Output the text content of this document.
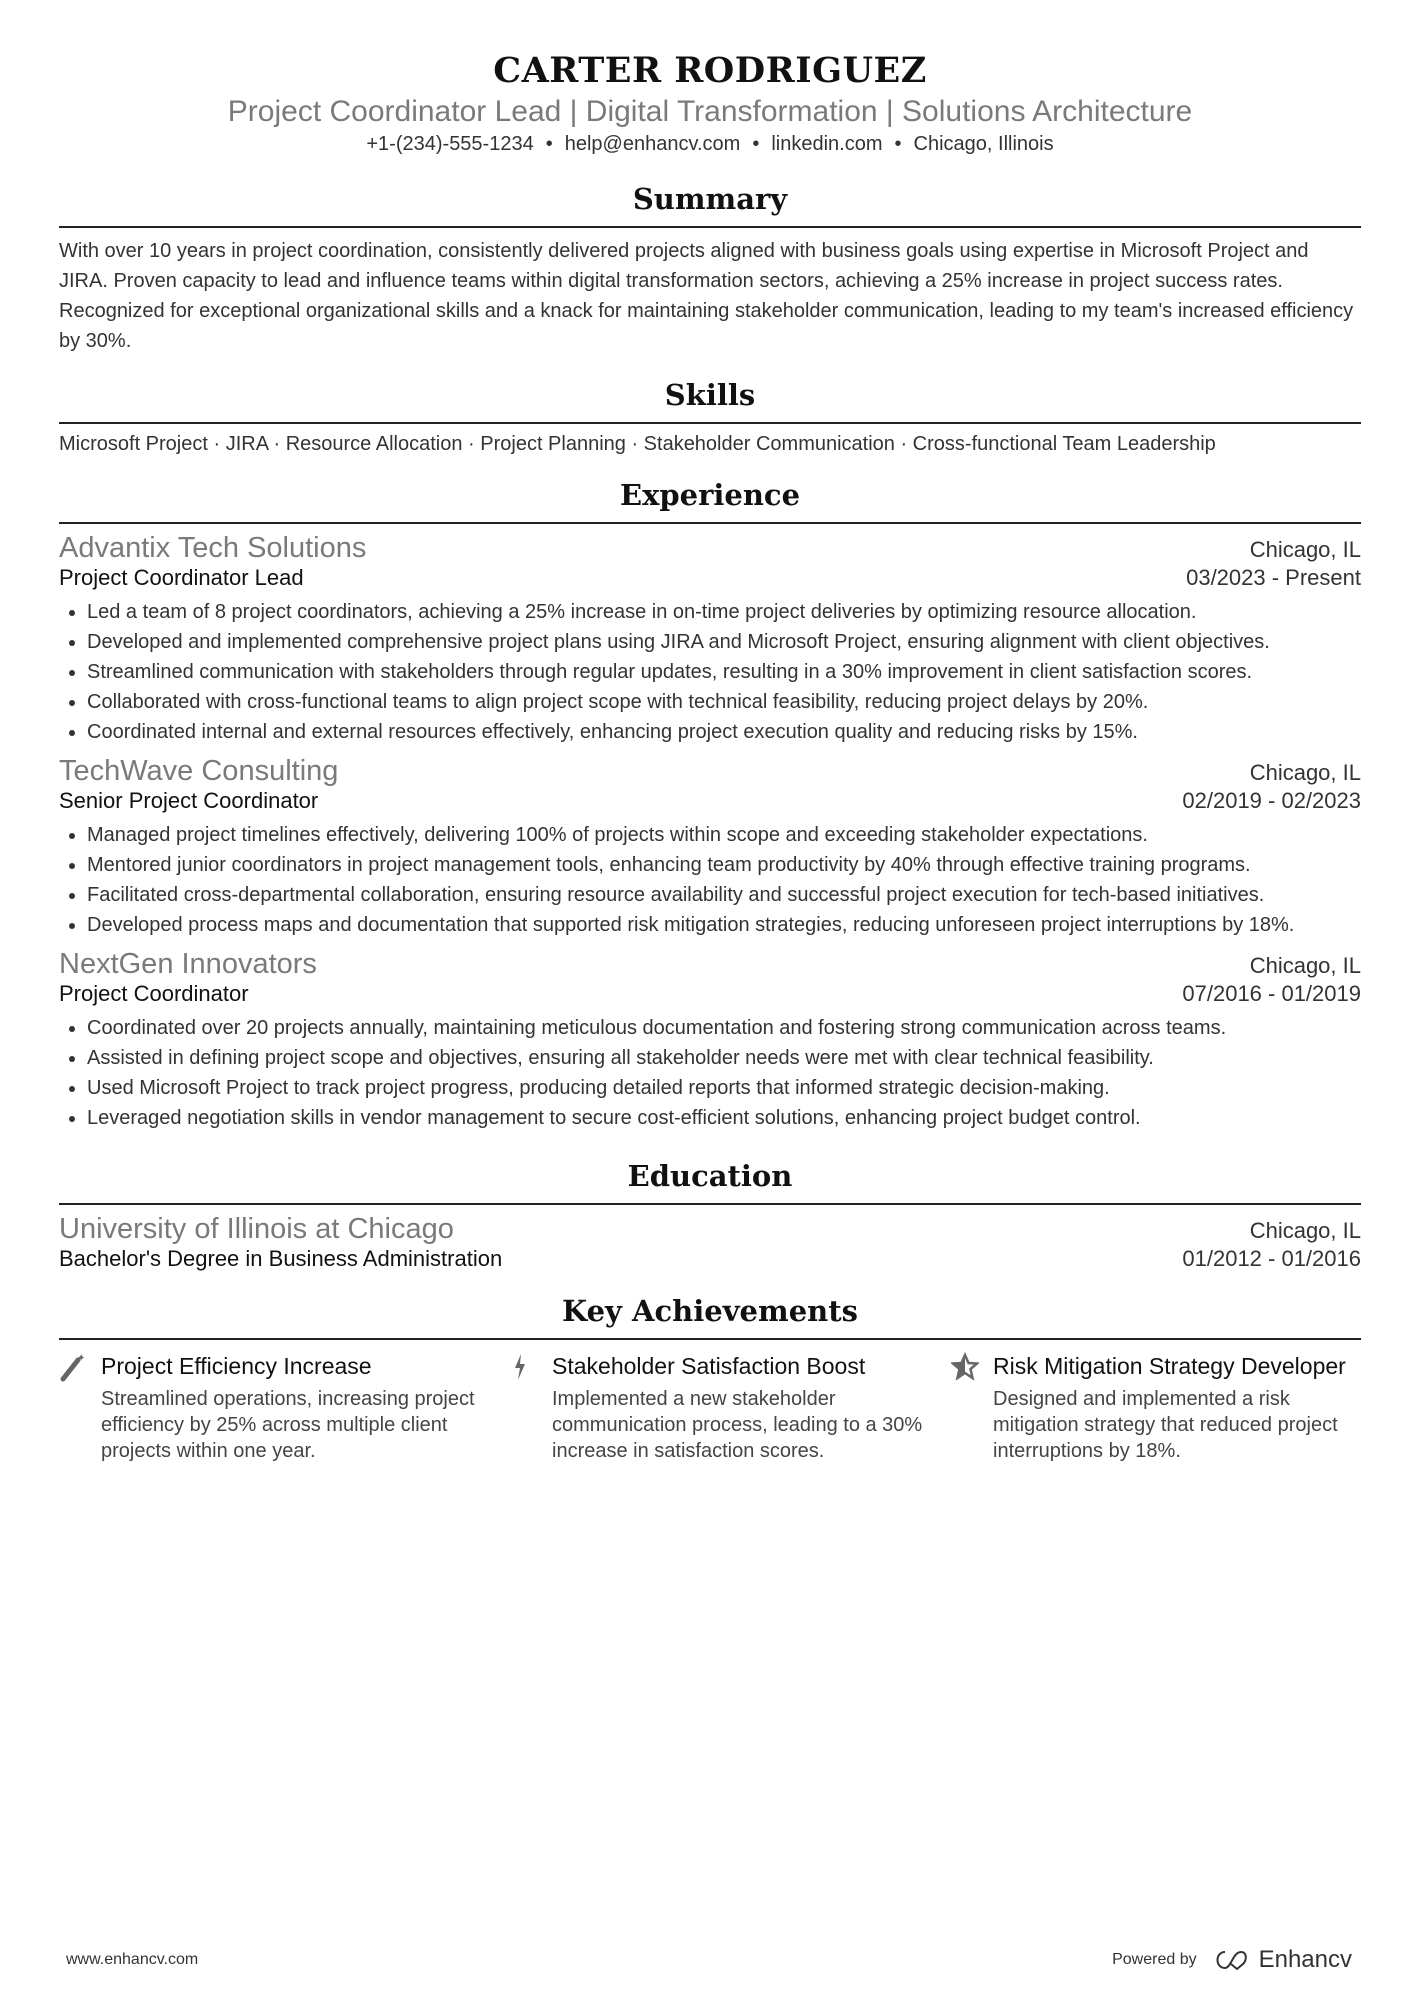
CARTER RODRIGUEZ
Project Coordinator Lead | Digital Transformation | Solutions Architecture
+1-(234)-555-1234 • help@enhancv.com • linkedin.com • Chicago, Illinois
Summary
With over 10 years in project coordination, consistently delivered projects aligned with business goals using expertise in Microsoft Project and JIRA. Proven capacity to lead and influence teams within digital transformation sectors, achieving a 25% increase in project success rates. Recognized for exceptional organizational skills and a knack for maintaining stakeholder communication, leading to my team's increased efficiency by 30%.
Skills
Microsoft Project · JIRA · Resource Allocation · Project Planning · Stakeholder Communication · Cross-functional Team Leadership
Experience
Advantix Tech Solutions	Chicago, IL
Project Coordinator Lead	03/2023 - Present
• Led a team of 8 project coordinators, achieving a 25% increase in on-time project deliveries by optimizing resource allocation.
• Developed and implemented comprehensive project plans using JIRA and Microsoft Project, ensuring alignment with client objectives.
• Streamlined communication with stakeholders through regular updates, resulting in a 30% improvement in client satisfaction scores.
• Collaborated with cross-functional teams to align project scope with technical feasibility, reducing project delays by 20%.
• Coordinated internal and external resources effectively, enhancing project execution quality and reducing risks by 15%.
TechWave Consulting	Chicago, IL
Senior Project Coordinator	02/2019 - 02/2023
• Managed project timelines effectively, delivering 100% of projects within scope and exceeding stakeholder expectations.
• Mentored junior coordinators in project management tools, enhancing team productivity by 40% through effective training programs.
• Facilitated cross-departmental collaboration, ensuring resource availability and successful project execution for tech-based initiatives.
• Developed process maps and documentation that supported risk mitigation strategies, reducing unforeseen project interruptions by 18%.
NextGen Innovators	Chicago, IL
Project Coordinator	07/2016 - 01/2019
• Coordinated over 20 projects annually, maintaining meticulous documentation and fostering strong communication across teams.
• Assisted in defining project scope and objectives, ensuring all stakeholder needs were met with clear technical feasibility.
• Used Microsoft Project to track project progress, producing detailed reports that informed strategic decision-making.
• Leveraged negotiation skills in vendor management to secure cost-efficient solutions, enhancing project budget control.
Education
University of Illinois at Chicago	Chicago, IL
Bachelor's Degree in Business Administration	01/2012 - 01/2016
Key Achievements
✦ Project Efficiency Increase
Streamlined operations, increasing project efficiency by 25% across multiple client projects within one year.
Stakeholder Satisfaction Boost
Implemented a new stakeholder communication process, leading to a 30% increase in satisfaction scores.
Risk Mitigation Strategy Developer
Designed and implemented a risk mitigation strategy that reduced project interruptions by 18%.
www.enhancv.com	Powered by	Enhancv
